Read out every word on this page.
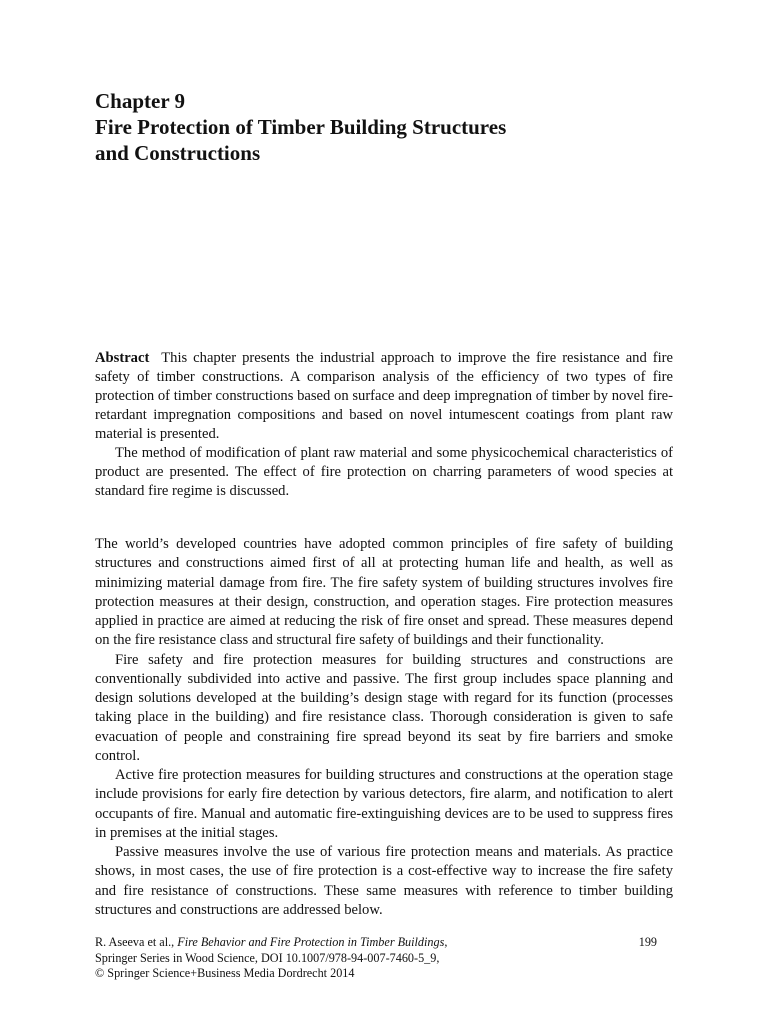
Chapter 9

Fire Protection of Timber Building Structures

and Constructions

Abstract This chapter presents the industrial approach to improve the fire resistance and fire safety of timber constructions. A comparison analysis of the efficiency of two types of fire protection of timber constructions based on surface and deep impregnation of timber by novel fire-retardant impregnation compositions and based on novel intumescent coatings from plant raw material is presented.

The method of modification of plant raw material and some physicochemical characteristics of product are presented. The effect of fire protection on charring parameters of wood species at standard fire regime is discussed.

The world’s developed countries have adopted common principles of fire safety of building structures and constructions aimed first of all at protecting human life and health, as well as minimizing material damage from fire. The fire safety system of building structures involves fire protection measures at their design, construction, and operation stages. Fire protection measures applied in practice are aimed at reducing the risk of fire onset and spread. These measures depend on the fire resistance class and structural fire safety of buildings and their functionality.

Fire safety and fire protection measures for building structures and constructions are conventionally subdivided into active and passive. The first group includes space planning and design solutions developed at the building’s design stage with regard for its function (processes taking place in the building) and fire resistance class. Thorough consideration is given to safe evacuation of people and constraining fire spread beyond its seat by fire barriers and smoke control.

Active fire protection measures for building structures and constructions at the operation stage include provisions for early fire detection by various detectors, fire alarm, and notification to alert occupants of fire. Manual and automatic fire-extinguishing devices are to be used to suppress fires in premises at the initial stages.

Passive measures involve the use of various fire protection means and materials. As practice shows, in most cases, the use of fire protection is a cost-effective way to increase the fire safety and fire resistance of constructions. These same measures with reference to timber building structures and constructions are addressed below.

R. Aseeva et al., Fire Behavior and Fire Protection in Timber Buildings,	199

Springer Series in Wood Science, DOI 10.1007/978-94-007-7460-5_9,

© Springer Science+Business Media Dordrecht 2014
